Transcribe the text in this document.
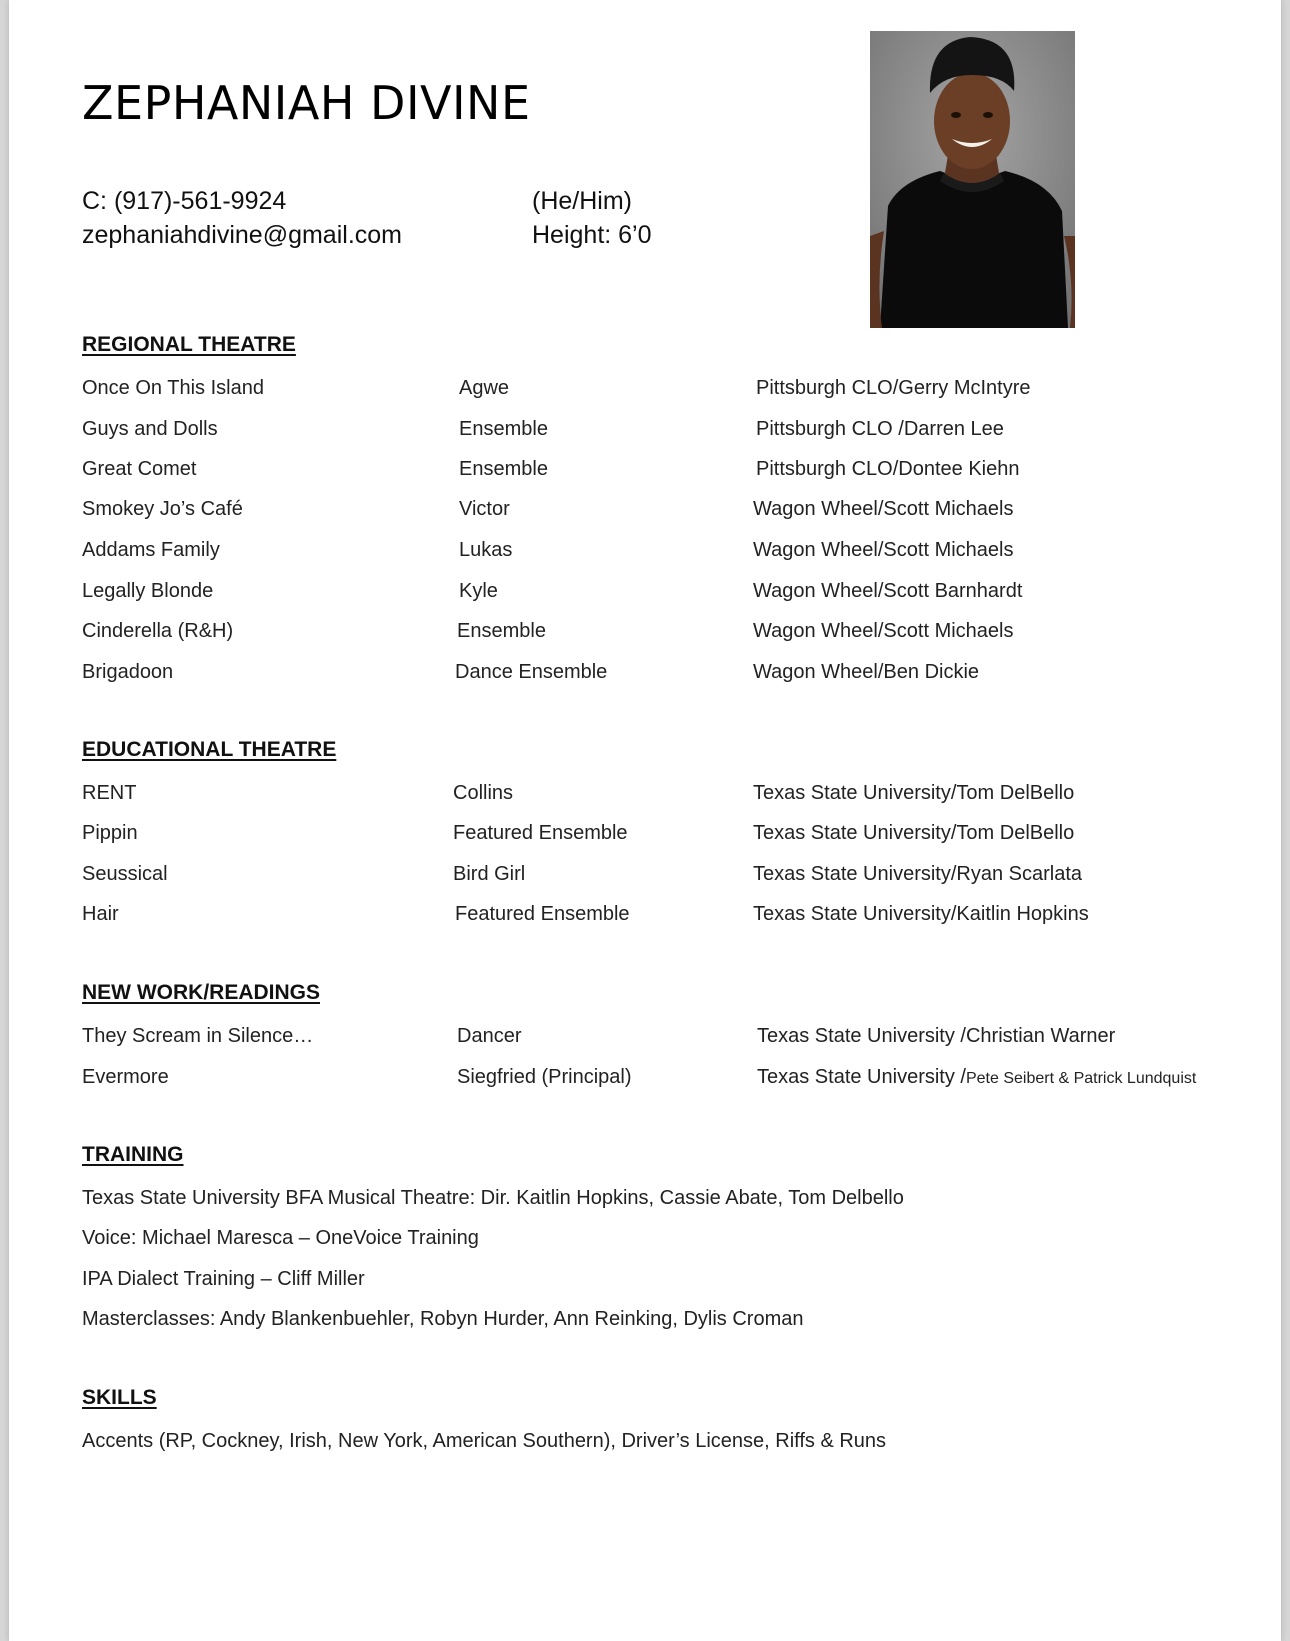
ZEPHANIAH DIVINE
C: (917)-561-9924
zephaniahdivine@gmail.com
(He/Him)
Height: 6’0
REGIONAL THEATRE
Once On This Island	Agwe	Pittsburgh CLO/Gerry McIntyre
Guys and Dolls	Ensemble	Pittsburgh CLO /Darren Lee
Great Comet	Ensemble	Pittsburgh CLO/Dontee Kiehn
Smokey Jo’s Café	Victor	Wagon Wheel/Scott Michaels
Addams Family	Lukas	Wagon Wheel/Scott Michaels
Legally Blonde	Kyle	Wagon Wheel/Scott Barnhardt
Cinderella (R&H)	Ensemble	Wagon Wheel/Scott Michaels
Brigadoon	Dance Ensemble	Wagon Wheel/Ben Dickie
EDUCATIONAL THEATRE
RENT	Collins	Texas State University/Tom DelBello
Pippin	Featured Ensemble	Texas State University/Tom DelBello
Seussical	Bird Girl	Texas State University/Ryan Scarlata
Hair	Featured Ensemble	Texas State University/Kaitlin Hopkins
NEW WORK/READINGS
They Scream in Silence…	Dancer	Texas State University /Christian Warner
Evermore	Siegfried (Principal)	Texas State University /Pete Seibert & Patrick Lundquist
TRAINING
Texas State University BFA Musical Theatre: Dir. Kaitlin Hopkins, Cassie Abate, Tom Delbello
Voice: Michael Maresca – OneVoice Training
IPA Dialect Training – Cliff Miller
Masterclasses: Andy Blankenbuehler, Robyn Hurder, Ann Reinking, Dylis Croman
SKILLS
Accents (RP, Cockney, Irish, New York, American Southern), Driver’s License, Riffs & Runs
